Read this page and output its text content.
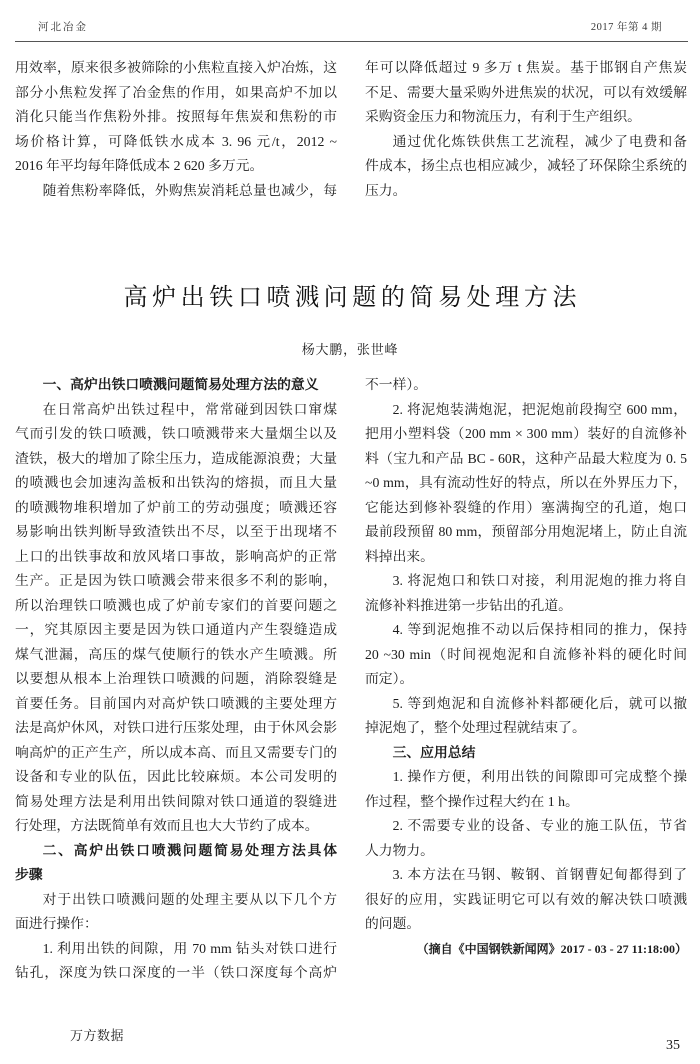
河北冶金	2017 年第 4 期
用效率，原来很多被筛除的小焦粒直接入炉冶炼，这
部分小焦粒发挥了冶金焦的作用，如果高炉不加以
消化只能当作焦粉外排。按照每年焦炭和焦粉的市
场价格计算，可降低铁水成本 3. 96 元/t，2012 ~
2016 年平均每年降低成本 2 620 多万元。
随着焦粉率降低，外购焦炭消耗总量也减少，每
年可以降低超过 9 多万 t 焦炭。基于邯钢自产焦炭
不足、需要大量采购外进焦炭的状况，可以有效缓解
采购资金压力和物流压力，有利于生产组织。
通过优化炼铁供焦工艺流程，减少了电费和备
件成本，扬尘点也相应减少，减轻了环保除尘系统的
压力。
高炉出铁口喷溅问题的简易处理方法
杨大鹏，张世峰
一、高炉出铁口喷溅问题简易处理方法的意义
在日常高炉出铁过程中，常常碰到因铁口窜煤
气而引发的铁口喷溅，铁口喷溅带来大量烟尘以及
渣铁，极大的增加了除尘压力，造成能源浪费；大量
的喷溅也会加速沟盖板和出铁沟的熔损，而且大量
的喷溅物堆积增加了炉前工的劳动强度；喷溅还容
易影响出铁判断导致渣铁出不尽，以至于出现堵不
上口的出铁事故和放风堵口事故，影响高炉的正常
生产。正是因为铁口喷溅会带来很多不利的影响，
所以治理铁口喷溅也成了炉前专家们的首要问题之
一，究其原因主要是因为铁口通道内产生裂缝造成
煤气泄漏，高压的煤气使顺行的铁水产生喷溅。所
以要想从根本上治理铁口喷溅的问题，消除裂缝是
首要任务。目前国内对高炉铁口喷溅的主要处理方
法是高炉休风，对铁口进行压浆处理，由于休风会影
响高炉的正产生产，所以成本高、而且又需要专门的
设备和专业的队伍，因此比较麻烦。本公司发明的
简易处理方法是利用出铁间隙对铁口通道的裂缝进
行处理，方法既简单有效而且也大大节约了成本。
二、高炉出铁口喷溅问题简易处理方法具体
步骤
对于出铁口喷溅问题的处理主要从以下几个方
面进行操作：
1. 利用出铁的间隙，用 70 mm 钻头对铁口进行
钻孔，深度为铁口深度的一半（铁口深度每个高炉
不一样）。
2. 将泥炮装满炮泥，把泥炮前段掏空 600 mm，
把用小塑料袋（200 mm × 300 mm）装好的自流修补
料（宝九和产品 BC - 60R，这种产品最大粒度为 0. 5
~0 mm，具有流动性好的特点，所以在外界压力下，
它能达到修补裂缝的作用）塞满掏空的孔道，炮口
最前段预留 80 mm，预留部分用炮泥堵上，防止自流
料掉出来。
3. 将泥炮口和铁口对接，利用泥炮的推力将自
流修补料推进第一步钻出的孔道。
4. 等到泥炮推不动以后保持相同的推力，保持
20 ~30 min（时间视炮泥和自流修补料的硬化时间
而定）。
5. 等到炮泥和自流修补料都硬化后，就可以撤
掉泥炮了，整个处理过程就结束了。
三、应用总结
1. 操作方便，利用出铁的间隙即可完成整个操
作过程，整个操作过程大约在 1 h。
2. 不需要专业的设备、专业的施工队伍，节省
人力物力。
3. 本方法在马钢、鞍钢、首钢曹妃甸都得到了
很好的应用，实践证明它可以有效的解决铁口喷溅
的问题。
（摘自《中国钢铁新闻网》2017 - 03 - 27 11:18:00）
万方数据
35
